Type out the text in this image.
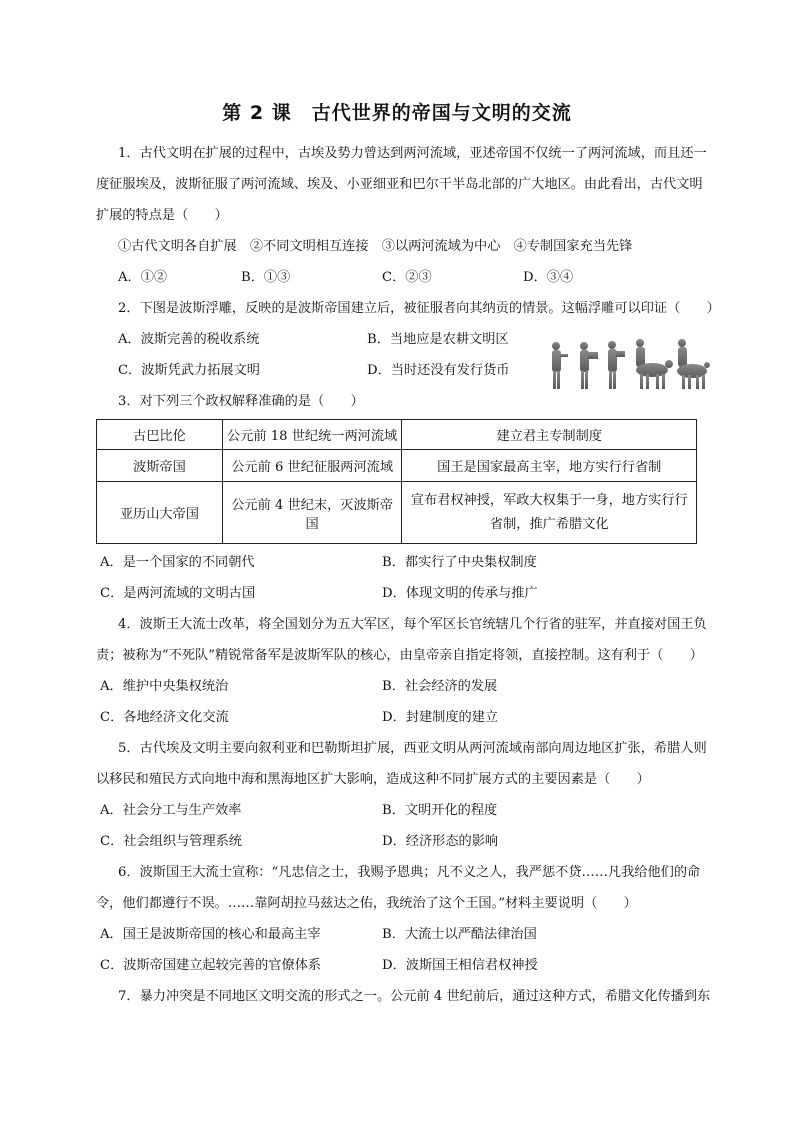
第 2 课　古代世界的帝国与文明的交流
1．古代文明在扩展的过程中，古埃及势力曾达到两河流域，亚述帝国不仅统一了两河流域，而且还一
度征服埃及，波斯征服了两河流域、埃及、小亚细亚和巴尔干半岛北部的广大地区。由此看出，古代文明
扩展的特点是（　　）
①古代文明各自扩展　②不同文明相互连接　③以两河流域为中心　④专制国家充当先锋
A．①②	B．①③	C．②③	D．③④
2．下图是波斯浮雕，反映的是波斯帝国建立后，被征服者向其纳贡的情景。这幅浮雕可以印证（　　）
A．波斯完善的税收系统	B．当地应是农耕文明区
C．波斯凭武力拓展文明	D．当时还没有发行货币
3．对下列三个政权解释准确的是（　　）
古巴比伦	公元前 18 世纪统一两河流域	建立君主专制制度
波斯帝国	公元前 6 世纪征服两河流域	国王是国家最高主宰，地方实行行省制
亚历山大帝国	公元前 4 世纪末，灭波斯帝国	宣布君权神授，军政大权集于一身，地方实行行省制，推广希腊文化
A．是一个国家的不同朝代	B．都实行了中央集权制度
C．是两河流域的文明古国	D．体现文明的传承与推广
4．波斯王大流士改革，将全国划分为五大军区，每个军区长官统辖几个行省的驻军，并直接对国王负
责；被称为“不死队”精锐常备军是波斯军队的核心，由皇帝亲自指定将领，直接控制。这有利于（　　）
A．维护中央集权统治	B．社会经济的发展
C．各地经济文化交流	D．封建制度的建立
5．古代埃及文明主要向叙利亚和巴勒斯坦扩展，西亚文明从两河流域南部向周边地区扩张，希腊人则
以移民和殖民方式向地中海和黑海地区扩大影响，造成这种不同扩展方式的主要因素是（　　）
A．社会分工与生产效率	B．文明开化的程度
C．社会组织与管理系统	D．经济形态的影响
6．波斯国王大流士宣称：“凡忠信之士，我赐予恩典；凡不义之人，我严惩不贷……凡我给他们的命
令，他们都遵行不误。……靠阿胡拉马兹达之佑，我统治了这个王国。”材料主要说明（　　）
A．国王是波斯帝国的核心和最高主宰	B．大流士以严酷法律治国
C．波斯帝国建立起较完善的官僚体系	D．波斯国王相信君权神授
7．暴力冲突是不同地区文明交流的形式之一。公元前 4 世纪前后，通过这种方式，希腊文化传播到东
